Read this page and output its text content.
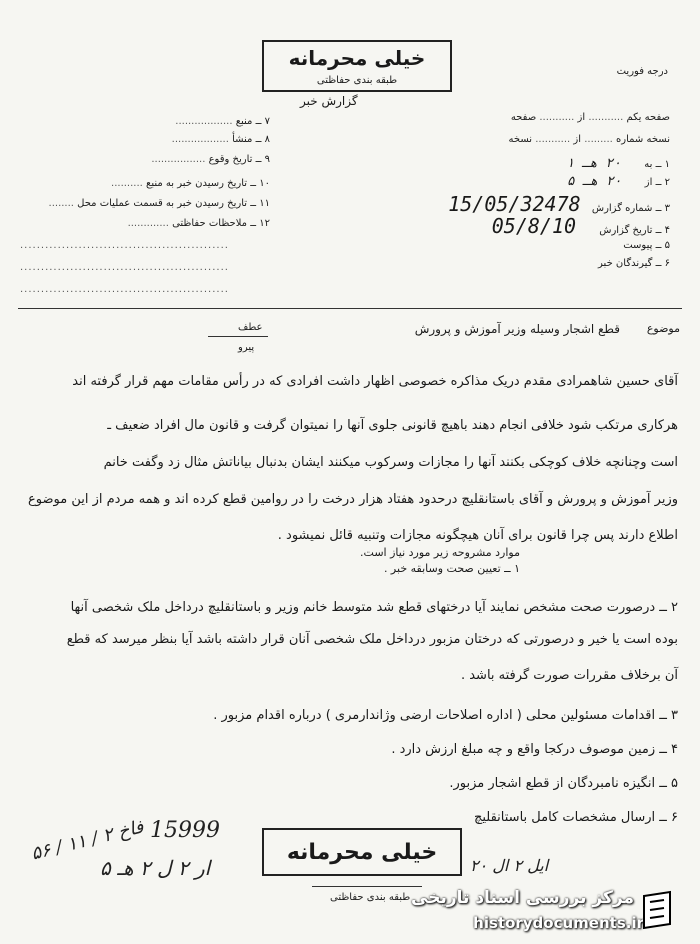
خیلی محرمانه
طبقه بندی حفاظتی
گزارش خبر
درجه فوریت
صفحه یکم ........... از ........... صفحه
نسخه شماره ......... از ........... نسخه
۱ ــ به ۲۰ هـ ۱
۲ ــ از ۲۰ هـ ۵
۳ ــ شماره گزارش 15/05/32478
۴ ــ تاریخ گزارش 05/8/10
۵ ــ پیوست
۶ ــ گیرندگان خبر
۷ ــ منبع ..................
۸ ــ منشأ ..................
۹ ــ تاریخ وقوع .................
۱۰ ــ تاریخ رسیدن خبر به منبع ..........
۱۱ ــ تاریخ رسیدن خبر به قسمت عملیات محل ........
۱۲ ــ ملاحظات حفاظتی .............
..................................................
..................................................
..................................................
موضوع
قطع اشجار وسیله وزیر آموزش و پرورش
عطف
پیرو
آقای حسین شاهمرادی مقدم دریک مذاکره خصوصی اظهار داشت افرادی که در رأس مقامات مهم قرار گرفته اند
هرکاری مرتکب شود خلافی انجام دهند باهیچ قانونی جلوی آنها را نمیتوان گرفت و قانون مال افراد ضعیف ـ
است وچنانچه خلاف کوچکی بکنند آنها را مجازات وسرکوب میکنند ایشان بدنبال بیاناتش مثال زد وگفت خانم
وزیر آموزش و پرورش و آقای باستانقلیچ درحدود هفتاد هزار درخت را در روامین قطع کرده اند و همه مردم از این موضوع
اطلاع دارند پس چرا قانون برای آنان هیچگونه مجازات وتنبیه قائل نمیشود .
موارد مشروحه زیر مورد نیاز است.
۱ ــ تعیین صحت وسابقه خبر .
۲ ــ درصورت صحت مشخص نمایند آیا درختهای قطع شد متوسط خانم وزیر و باستانقلیچ درداخل ملک شخصی آنها
بوده است یا خیر و درصورتی که درختان مزبور درداخل ملک شخصی آنان قرار داشته باشد آیا بنظر میرسد که قطع
آن برخلاف مقررات صورت گرفته باشد .
۳ ــ اقدامات مسئولین محلی ( اداره اصلاحات ارضی وژاندارمری ) درباره اقدام مزبور .
۴ ــ زمین موصوف درکجا واقع و چه مبلغ ارزش دارد .
۵ ــ انگیزه نامبردگان از قطع اشجار مزبور.
۶ ــ ارسال مشخصات کامل باستانقلیچ
15999
فاخ ۲ / ۱۱ / ۵۶
ار ۲ ل ۲ هـ ۵
خیلی محرمانه
طبقه بندی حفاظتی
ایل ۲ ال ۲۰
مرکز بررسی اسناد تاریخی
historydocuments.ir
